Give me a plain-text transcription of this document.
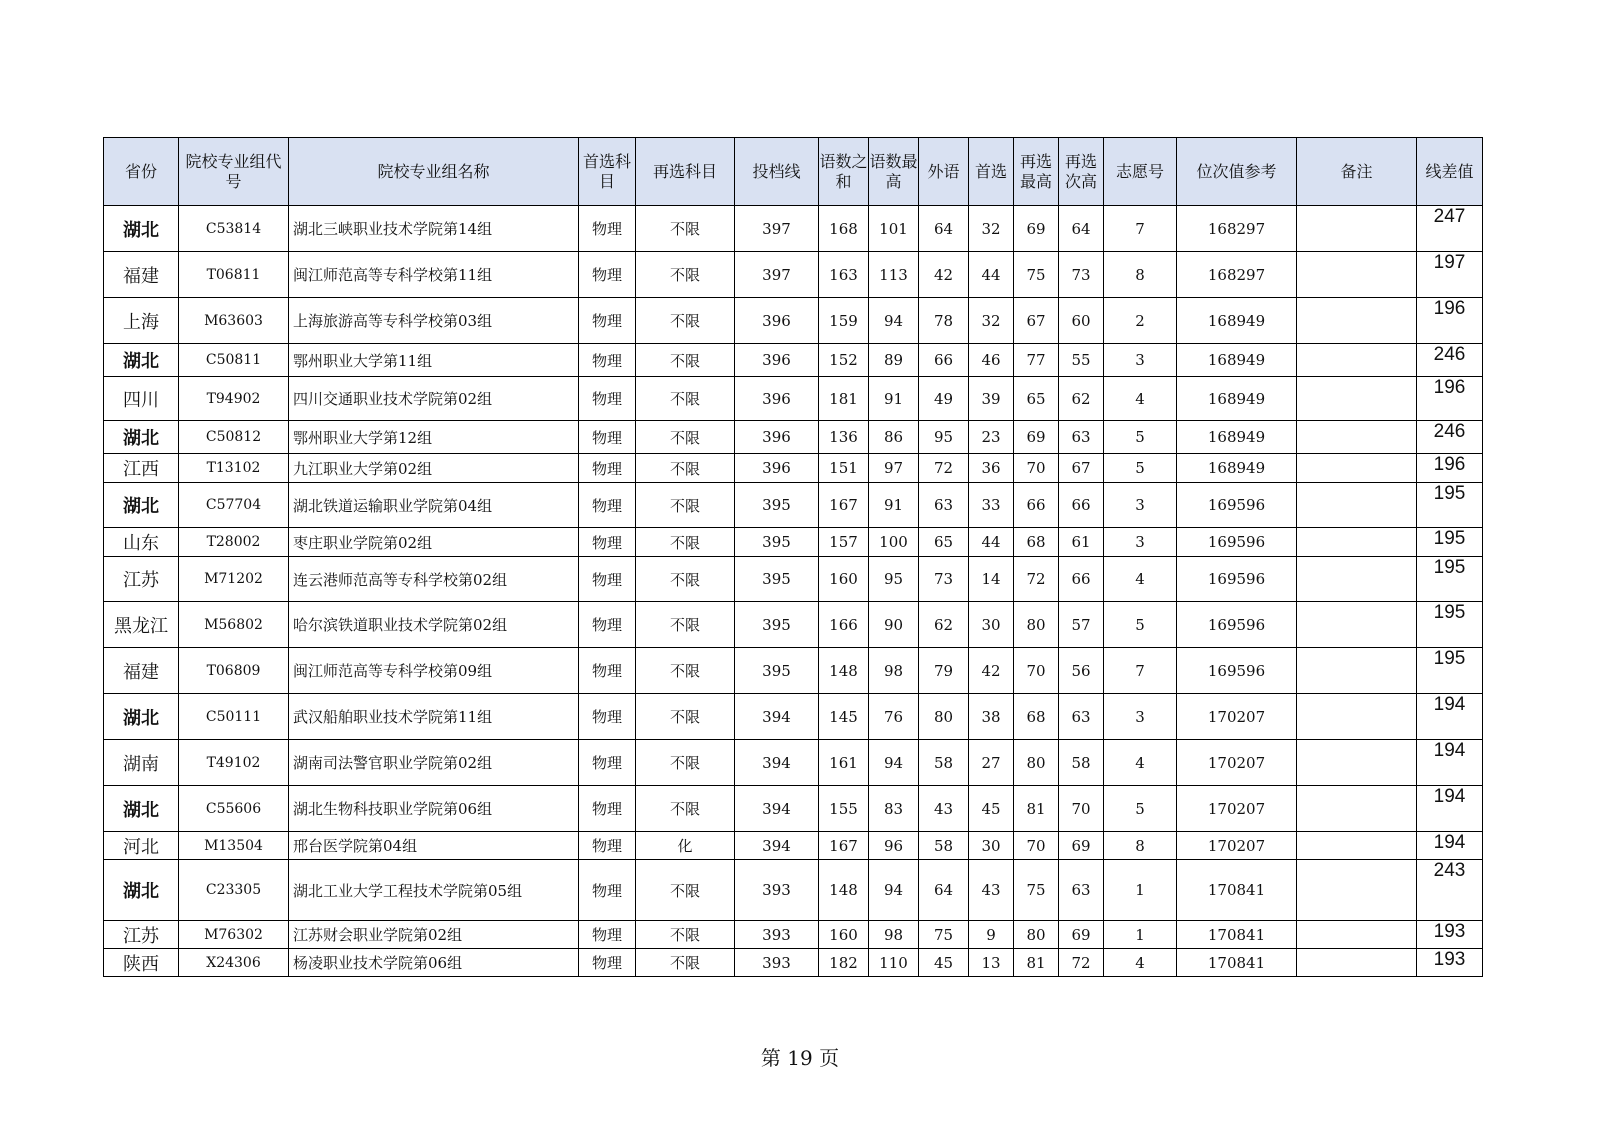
省份	院校专业组代号	院校专业组名称	首选科目	再选科目	投档线	语数之和	语数最高	外语	首选	再选最高	再选次高	志愿号	位次值参考	备注	线差值
湖北	C53814	湖北三峡职业技术学院第14组	物理	不限	397	168	101	64	32	69	64	7	168297		247
福建	T06811	闽江师范高等专科学校第11组	物理	不限	397	163	113	42	44	75	73	8	168297		197
上海	M63603	上海旅游高等专科学校第03组	物理	不限	396	159	94	78	32	67	60	2	168949		196
湖北	C50811	鄂州职业大学第11组	物理	不限	396	152	89	66	46	77	55	3	168949		246
四川	T94902	四川交通职业技术学院第02组	物理	不限	396	181	91	49	39	65	62	4	168949		196
湖北	C50812	鄂州职业大学第12组	物理	不限	396	136	86	95	23	69	63	5	168949		246
江西	T13102	九江职业大学第02组	物理	不限	396	151	97	72	36	70	67	5	168949		196
湖北	C57704	湖北铁道运输职业学院第04组	物理	不限	395	167	91	63	33	66	66	3	169596		195
山东	T28002	枣庄职业学院第02组	物理	不限	395	157	100	65	44	68	61	3	169596		195
江苏	M71202	连云港师范高等专科学校第02组	物理	不限	395	160	95	73	14	72	66	4	169596		195
黑龙江	M56802	哈尔滨铁道职业技术学院第02组	物理	不限	395	166	90	62	30	80	57	5	169596		195
福建	T06809	闽江师范高等专科学校第09组	物理	不限	395	148	98	79	42	70	56	7	169596		195
湖北	C50111	武汉船舶职业技术学院第11组	物理	不限	394	145	76	80	38	68	63	3	170207		194
湖南	T49102	湖南司法警官职业学院第02组	物理	不限	394	161	94	58	27	80	58	4	170207		194
湖北	C55606	湖北生物科技职业学院第06组	物理	不限	394	155	83	43	45	81	70	5	170207		194
河北	M13504	邢台医学院第04组	物理	化	394	167	96	58	30	70	69	8	170207		194
湖北	C23305	湖北工业大学工程技术学院第05组	物理	不限	393	148	94	64	43	75	63	1	170841		243
江苏	M76302	江苏财会职业学院第02组	物理	不限	393	160	98	75	9	80	69	1	170841		193
陕西	X24306	杨凌职业技术学院第06组	物理	不限	393	182	110	45	13	81	72	4	170841		193
第 19 页
